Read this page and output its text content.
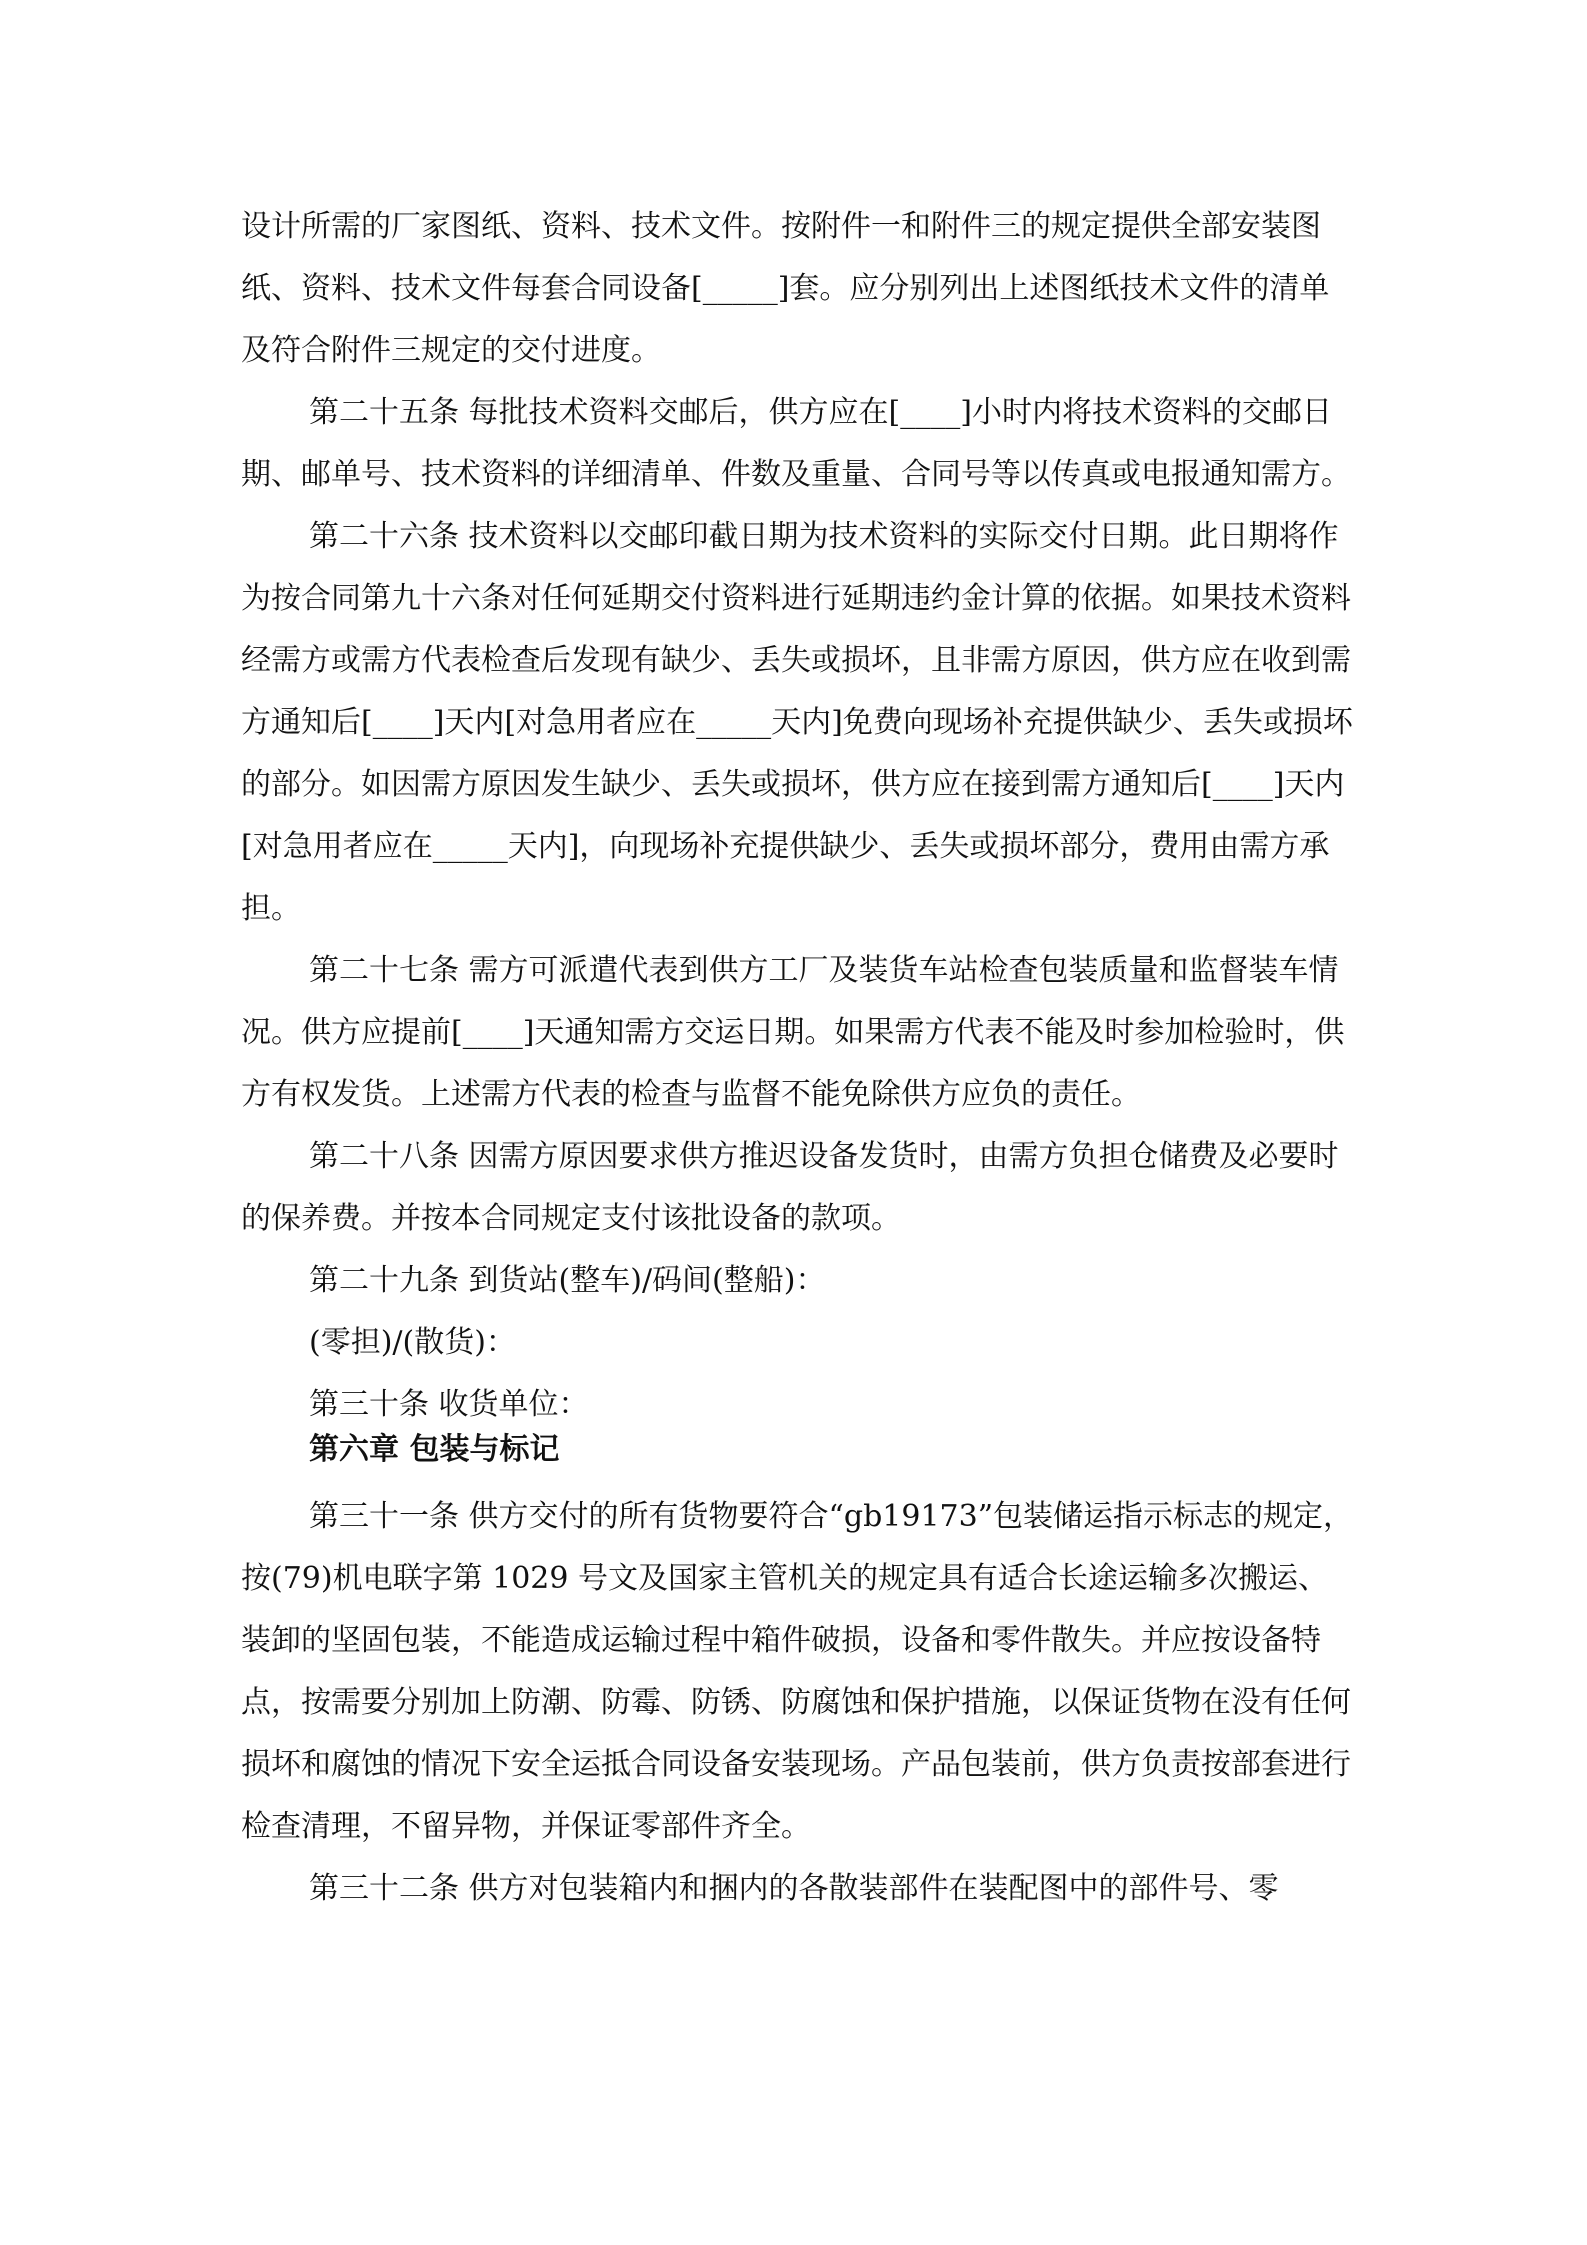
设计所需的厂家图纸、资料、技术文件。按附件一和附件三的规定提供全部安装图纸、资料、技术文件每套合同设备[_____]套。应分别列出上述图纸技术文件的清单及符合附件三规定的交付进度。

第二十五条 每批技术资料交邮后，供方应在[____]小时内将技术资料的交邮日期、邮单号、技术资料的详细清单、件数及重量、合同号等以传真或电报通知需方。

第二十六条 技术资料以交邮印截日期为技术资料的实际交付日期。此日期将作为按合同第九十六条对任何延期交付资料进行延期违约金计算的依据。如果技术资料经需方或需方代表检查后发现有缺少、丢失或损坏，且非需方原因，供方应在收到需方通知后[____]天内[对急用者应在_____天内]免费向现场补充提供缺少、丢失或损坏的部分。如因需方原因发生缺少、丢失或损坏，供方应在接到需方通知后[____]天内[对急用者应在_____天内]，向现场补充提供缺少、丢失或损坏部分，费用由需方承担。

第二十七条 需方可派遣代表到供方工厂及装货车站检查包装质量和监督装车情况。供方应提前[____]天通知需方交运日期。如果需方代表不能及时参加检验时，供方有权发货。上述需方代表的检查与监督不能免除供方应负的责任。

第二十八条 因需方原因要求供方推迟设备发货时，由需方负担仓储费及必要时的保养费。并按本合同规定支付该批设备的款项。

第二十九条 到货站(整车)/码间(整船)：

(零担)/(散货)：

第三十条 收货单位：

第六章 包装与标记

第三十一条 供方交付的所有货物要符合“gb19173”包装储运指示标志的规定，按(79)机电联字第 1029 号文及国家主管机关的规定具有适合长途运输多次搬运、装卸的坚固包装，不能造成运输过程中箱件破损，设备和零件散失。并应按设备特点，按需要分别加上防潮、防霉、防锈、防腐蚀和保护措施，以保证货物在没有任何损坏和腐蚀的情况下安全运抵合同设备安装现场。产品包装前，供方负责按部套进行检查清理，不留异物，并保证零部件齐全。

第三十二条 供方对包装箱内和捆内的各散装部件在装配图中的部件号、零
